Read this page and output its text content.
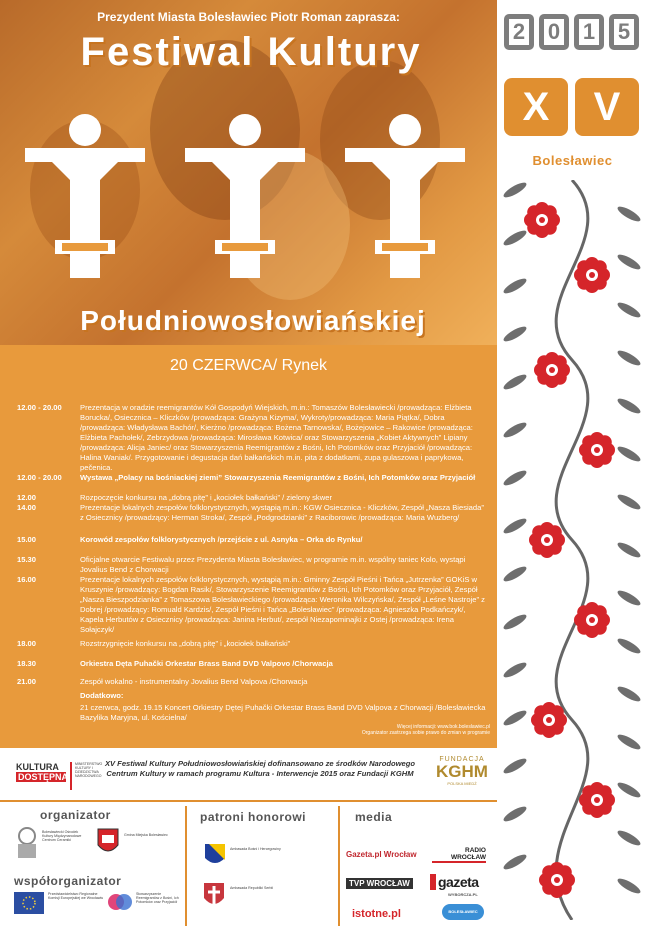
Prezydent Miasta Bolesławiec Piotr Roman zaprasza:
Festiwal Kultury
Południowosłowiańskiej
20 CZERWCA/ Rynek
12.00 - 20.00	Prezentacja w oradzie reemigrantów Kół Gospodyń Wiejskich, m.in.: Tomaszów Bolesławiecki /prowadząca: Elżbieta Borucka/, Osiecznica – Kliczków /prowadząca: Grażyna Kizyma/, Wykroty/prowadząca: Maria Piątka/, Dobra /prowadząca: Władysława Bachór/, Kierżno /prowadząca: Bożena Tarnowska/, Bożejowice – Rakowice /prowadząca: Elżbieta Pachołek/, Zebrzydowa /prowadząca: Mirosława Kotwica/ oraz Stowarzyszenia „Kobiet Aktywnych” Lipiany /prowadząca: Alicja Janiec/ oraz Stowarzyszenia Reemigrantów z Bośni, Ich Potomków oraz Przyjaciół /prowadząca: Halina Waniak/. Przygotowanie i degustacja dań bałkańskich m.in. pita z dodatkami, zupa gulaszowa i paprykowa, pečenica.
12.00 - 20.00	Wystawa „Polacy na bośniackiej ziemi” Stowarzyszenia Reemigrantów z Bośni, Ich Potomków oraz Przyjaciół
12.00	Rozpoczęcie konkursu na „dobrą pitę” i „kociołek bałkański” / zielony skwer
14.00	Prezentacje lokalnych zespołów folklorystycznych, wystąpią m.in.: KGW Osiecznica - Kliczków, Zespół „Nasza Biesiada” z Osiecznicy /prowadzący: Herman Stroka/, Zespół „Podgrodzianki” z Raciborowic /prowadząca: Maria Wuzberg/
15.00	Korowód zespołów folklorystycznych /przejście z ul. Asnyka – Orka do Rynku/
15.30	Oficjalne otwarcie Festiwalu przez Prezydenta Miasta Bolesławiec, w programie m.in. wspólny taniec Kolo, wystąpi Jovalius Bend z Chorwacji
16.00	Prezentacje lokalnych zespołów folklorystycznych, wystąpią m.in.: Gminny Zespół Pieśni i Tańca „Jutrzenka” GOKiS w Kruszynie /prowadzący: Bogdan Rasik/, Stowarzyszenie Reemigrantów z Bośni, Ich Potomków oraz Przyjaciół, Zespół „Nasza Bieszpodzianka” z Tomaszowa Bolesławieckiego /prowadząca: Weronika Wilczyńska/, Zespół „Leśne Nastroje” z Dobrej /prowadzący: Romuald Kardzis/, Zespół Pieśni i Tańca „Bolesławiec” /prowadząca: Agnieszka Podkańczyk/, Kapela Herbutów z Osiecznicy /prowadząca: Janina Herbut/, zespół Niezapominajki z Ostej /prowadząca: Irena Sołajczyk/
18.00	Rozstrzygnięcie konkursu na „dobrą pitę” i „kociołek bałkański”
18.30	Orkiestra Dęta Puhački Orkestar Brass Band DVD Valpovo /Chorwacja
21.00	Zespół wokalno - instrumentalny Jovalius Bend Valpova /Chorwacja
Dodatkowo:
21 czerwca, godz. 19.15 Koncert Orkiestry Dętej Puhački Orkestar Brass Band DVD Valpova z Chorwacji /Bolesławiecka Bazylika Maryjna, ul. Kościelna/
Więcej informacji: www.bok.boleslawiec.pl
Organizator zastrzega sobie prawo do zmian w programie
2	0	1	5
X	V
Bolesławiec
KULTURA
DOSTĘPNA
MINISTERSTWO KULTURY I DZIEDZICTWA NARODOWEGO
XV Festiwal Kultury Południowosłowiańskiej dofinansowano ze środków Narodowego Centrum Kultury w ramach programu Kultura - Interwencje 2015 oraz Fundacji KGHM
FUNDACJA
KGHM
POLSKA MIEDŹ
organizator
Bolesławiecki Ośrodek Kultury Międzynarodowe Centrum Ceramiki
Gmina Miejska Bolesławiec
współorganizator
Przedstawicielstwo Regionalne Komisji Europejskiej we Wrocławiu
Stowarzyszenie Reemigrantów z Bośni, Ich Potomków oraz Przyjaciół
patroni honorowi
Ambasada Bośni i Hercegowiny
Ambasada Republiki Serbii
media
Gazeta.pl Wrocław	RADIO WROCŁAW
TVP WROCŁAW	gazeta
WYBORCZA.PL
istotne.pl	BOLESŁAWIEC
